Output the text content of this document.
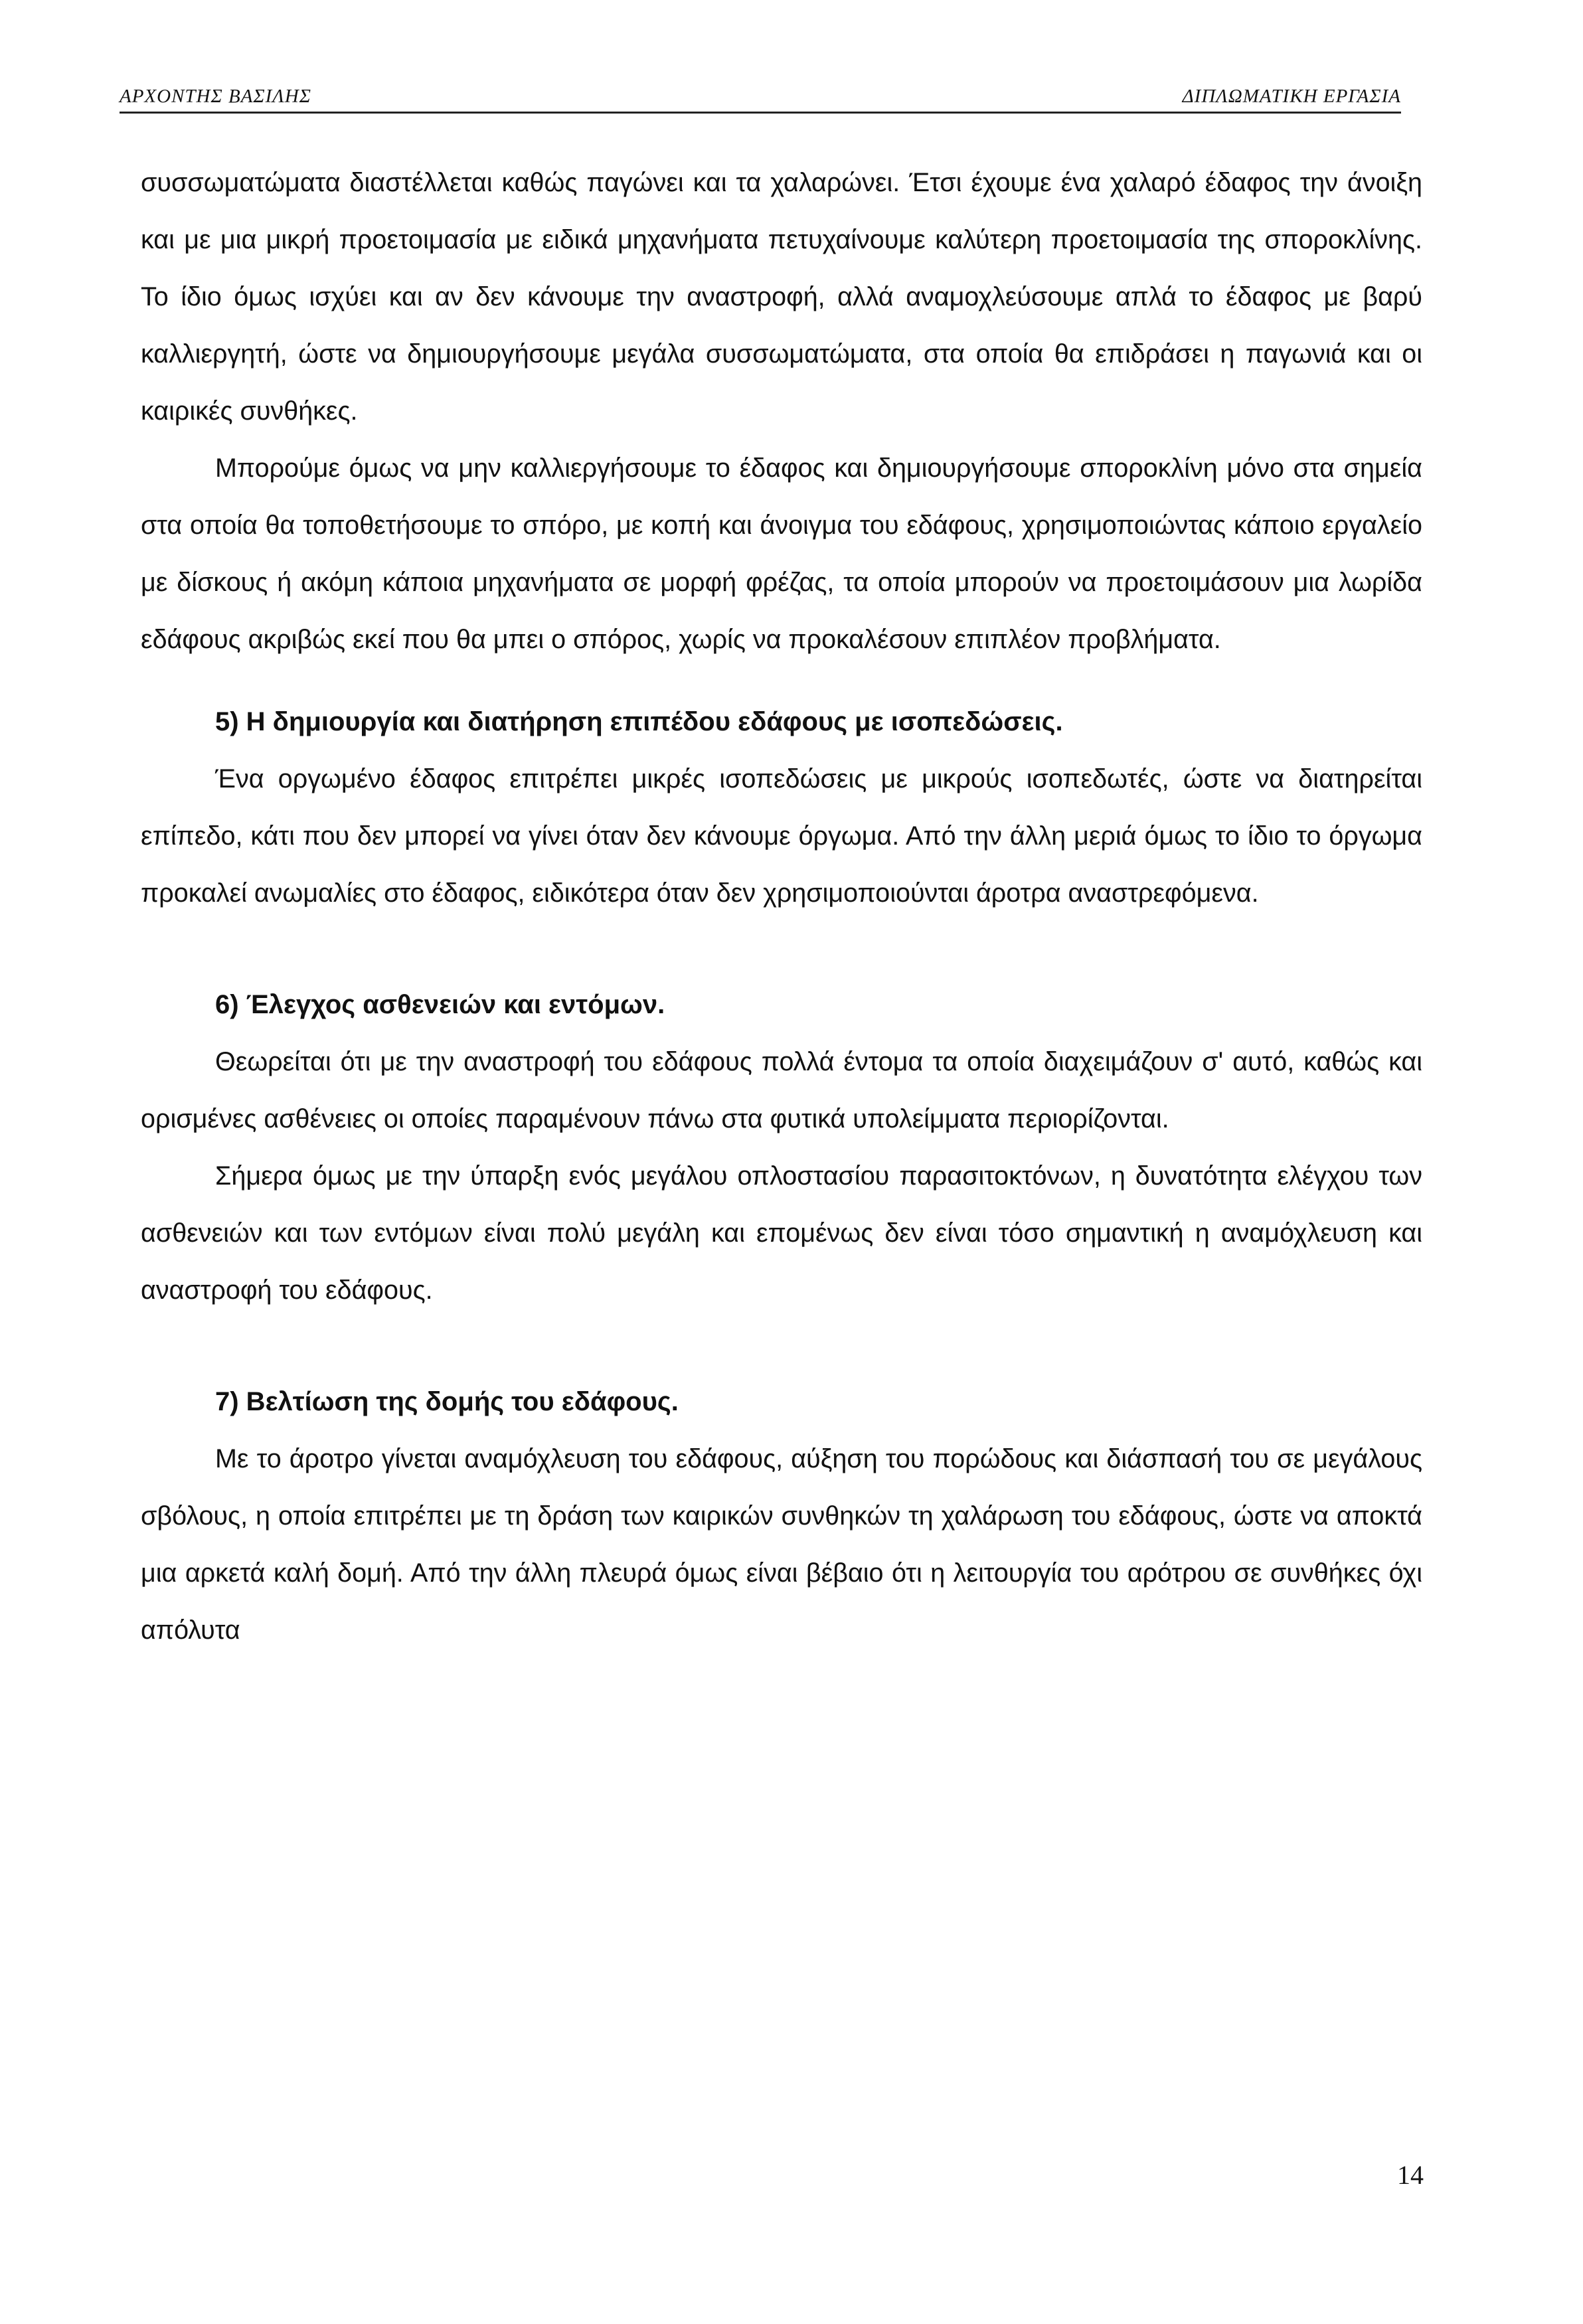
ΑΡΧΟΝΤΗΣ ΒΑΣΙΛΗΣ	ΔΙΠΛΩΜΑΤΙΚΗ ΕΡΓΑΣΙΑ

συσσωματώματα διαστέλλεται καθώς παγώνει και τα χαλαρώνει. Έτσι έχουμε ένα χαλαρό έδαφος την άνοιξη και με μια μικρή προετοιμασία με ειδικά μηχανήματα πετυχαίνουμε καλύτερη προετοιμασία της σποροκλίνης. Το ίδιο όμως ισχύει και αν δεν κάνουμε την αναστροφή, αλλά αναμοχλεύσουμε απλά το έδαφος με βαρύ καλλιεργητή, ώστε να δημιουργήσουμε μεγάλα συσσωματώματα, στα οποία θα επιδράσει η παγωνιά και οι καιρικές συνθήκες.

Μπορούμε όμως να μην καλλιεργήσουμε το έδαφος και δημιουργήσουμε σποροκλίνη μόνο στα σημεία στα οποία θα τοποθετήσουμε το σπόρο, με κοπή και άνοιγμα του εδάφους, χρησιμοποιώντας κάποιο εργαλείο με δίσκους ή ακόμη κάποια μηχανήματα σε μορφή φρέζας, τα οποία μπορούν να προετοιμάσουν μια λωρίδα εδάφους ακριβώς εκεί που θα μπει ο σπόρος, χωρίς να προκαλέσουν επιπλέον προβλήματα.

5) Η δημιουργία και διατήρηση επιπέδου εδάφους με ισοπεδώσεις.

Ένα οργωμένο έδαφος επιτρέπει μικρές ισοπεδώσεις με μικρούς ισοπεδωτές, ώστε να διατηρείται επίπεδο, κάτι που δεν μπορεί να γίνει όταν δεν κάνουμε όργωμα. Από την άλλη μεριά όμως το ίδιο το όργωμα προκαλεί ανωμαλίες στο έδαφος, ειδικότερα όταν δεν χρησιμοποιούνται άροτρα αναστρεφόμενα.

6) Έλεγχος ασθενειών και εντόμων.

Θεωρείται ότι με την αναστροφή του εδάφους πολλά έντομα τα οποία διαχειμάζουν σ' αυτό, καθώς και ορισμένες ασθένειες οι οποίες παραμένουν πάνω στα φυτικά υπολείμματα περιορίζονται.

Σήμερα όμως με την ύπαρξη ενός μεγάλου οπλοστασίου παρασιτοκτόνων, η δυνατότητα ελέγχου των ασθενειών και των εντόμων είναι πολύ μεγάλη και επομένως δεν είναι τόσο σημαντική η αναμόχλευση και αναστροφή του εδάφους.

7) Βελτίωση της δομής του εδάφους.

Με το άροτρο γίνεται αναμόχλευση του εδάφους, αύξηση του πορώδους και διάσπασή του σε μεγάλους σβόλους, η οποία επιτρέπει με τη δράση των καιρικών συνθηκών τη χαλάρωση του εδάφους, ώστε να αποκτά μια αρκετά καλή δομή. Από την άλλη πλευρά όμως είναι βέβαιο ότι η λειτουργία του αρότρου σε συνθήκες όχι απόλυτα

14
